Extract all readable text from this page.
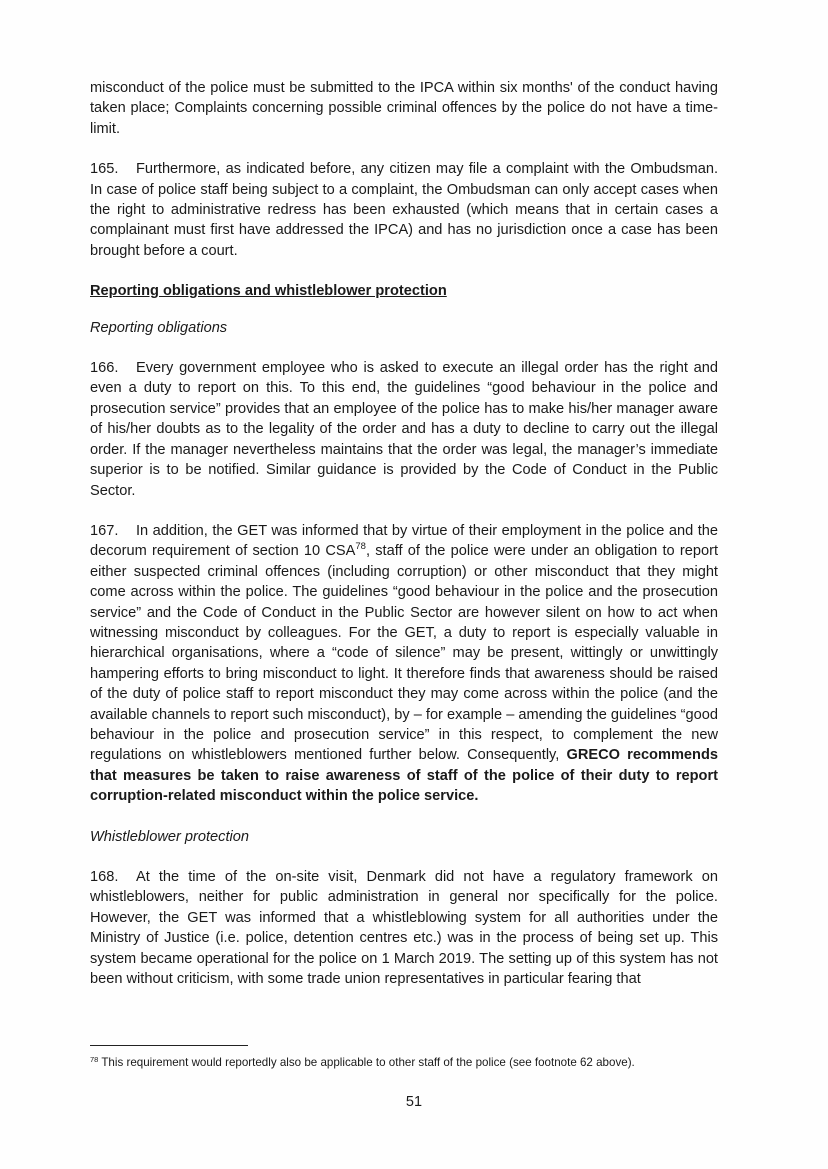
misconduct of the police must be submitted to the IPCA within six months' of the conduct having taken place; Complaints concerning possible criminal offences by the police do not have a time-limit.

165. Furthermore, as indicated before, any citizen may file a complaint with the Ombudsman. In case of police staff being subject to a complaint, the Ombudsman can only accept cases when the right to administrative redress has been exhausted (which means that in certain cases a complainant must first have addressed the IPCA) and has no jurisdiction once a case has been brought before a court.

Reporting obligations and whistleblower protection

Reporting obligations

166. Every government employee who is asked to execute an illegal order has the right and even a duty to report on this. To this end, the guidelines “good behaviour in the police and prosecution service” provides that an employee of the police has to make his/her manager aware of his/her doubts as to the legality of the order and has a duty to decline to carry out the illegal order. If the manager nevertheless maintains that the order was legal, the manager’s immediate superior is to be notified. Similar guidance is provided by the Code of Conduct in the Public Sector.

167. In addition, the GET was informed that by virtue of their employment in the police and the decorum requirement of section 10 CSA$^{78}$, staff of the police were under an obligation to report either suspected criminal offences (including corruption) or other misconduct that they might come across within the police. The guidelines “good behaviour in the police and the prosecution service” and the Code of Conduct in the Public Sector are however silent on how to act when witnessing misconduct by colleagues. For the GET, a duty to report is especially valuable in hierarchical organisations, where a “code of silence” may be present, wittingly or unwittingly hampering efforts to bring misconduct to light. It therefore finds that awareness should be raised of the duty of police staff to report misconduct they may come across within the police (and the available channels to report such misconduct), by – for example – amending the guidelines “good behaviour in the police and prosecution service” in this respect, to complement the new regulations on whistleblowers mentioned further below. Consequently, GRECO recommends that measures be taken to raise awareness of staff of the police of their duty to report corruption-related misconduct within the police service.

Whistleblower protection

168. At the time of the on-site visit, Denmark did not have a regulatory framework on whistleblowers, neither for public administration in general nor specifically for the police. However, the GET was informed that a whistleblowing system for all authorities under the Ministry of Justice (i.e. police, detention centres etc.) was in the process of being set up. This system became operational for the police on 1 March 2019. The setting up of this system has not been without criticism, with some trade union representatives in particular fearing that

$^{78}$ This requirement would reportedly also be applicable to other staff of the police (see footnote 62 above).
51
